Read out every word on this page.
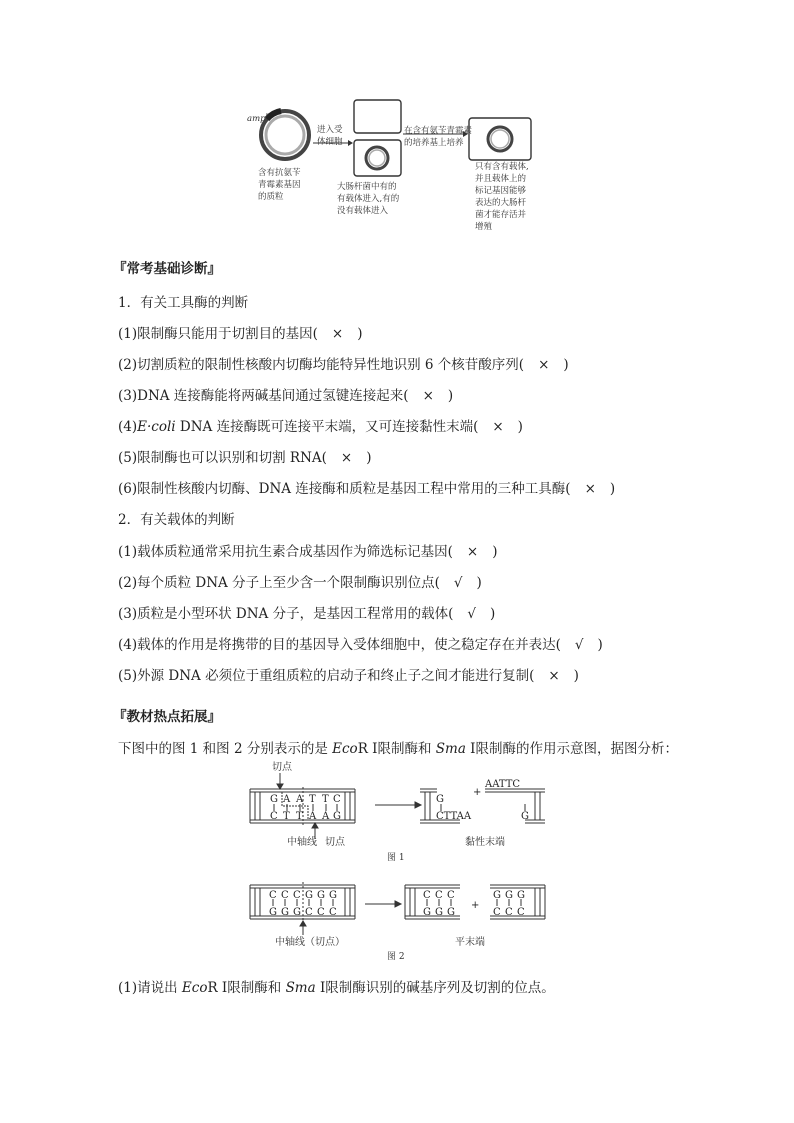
amp$^r$
含有抗氨苄
青霉素基因
的质粒
进入受
体细胞
大肠杆菌中有的
有载体进入,有的
没有载体进入
在含有氨苄青霉素
的培养基上培养
只有含有载体,
并且载体上的
标记基因能够
表达的大肠杆
菌才能存活并
增殖
『常考基础诊断』
1．有关工具酶的判断
(1)限制酶只能用于切割目的基因( × )
(2)切割质粒的限制性核酸内切酶均能特异性地识别 6 个核苷酸序列( × )
(3)DNA 连接酶能将两碱基间通过氢键连接起来( × )
(4)E·coli DNA 连接酶既可连接平末端，又可连接黏性末端( × )
(5)限制酶也可以识别和切割 RNA( × )
(6)限制性核酸内切酶、DNA 连接酶和质粒是基因工程中常用的三种工具酶( × )
2．有关载体的判断
(1)载体质粒通常采用抗生素合成基因作为筛选标记基因( × )
(2)每个质粒 DNA 分子上至少含一个限制酶识别位点( √ )
(3)质粒是小型环状 DNA 分子，是基因工程常用的载体( √ )
(4)载体的作用是将携带的目的基因导入受体细胞中，使之稳定存在并表达( √ )
(5)外源 DNA 必须位于重组质粒的启动子和终止子之间才能进行复制( × )
『教材热点拓展』
下图中的图 1 和图 2 分别表示的是 EcoR Ⅰ限制酶和 Sma Ⅰ限制酶的作用示意图，据图分析：
G A A T T C
C T T A A G
G
CTTAA
+
AATTC
G
切点
中轴线 切点	黏性末端
图 1
C C C G G G
G G G C C C
C C C
G G G
+
G G G
C C C
中轴线（切点）	平末端
图 2
(1)请说出 EcoR Ⅰ限制酶和 Sma Ⅰ限制酶识别的碱基序列及切割的位点。
